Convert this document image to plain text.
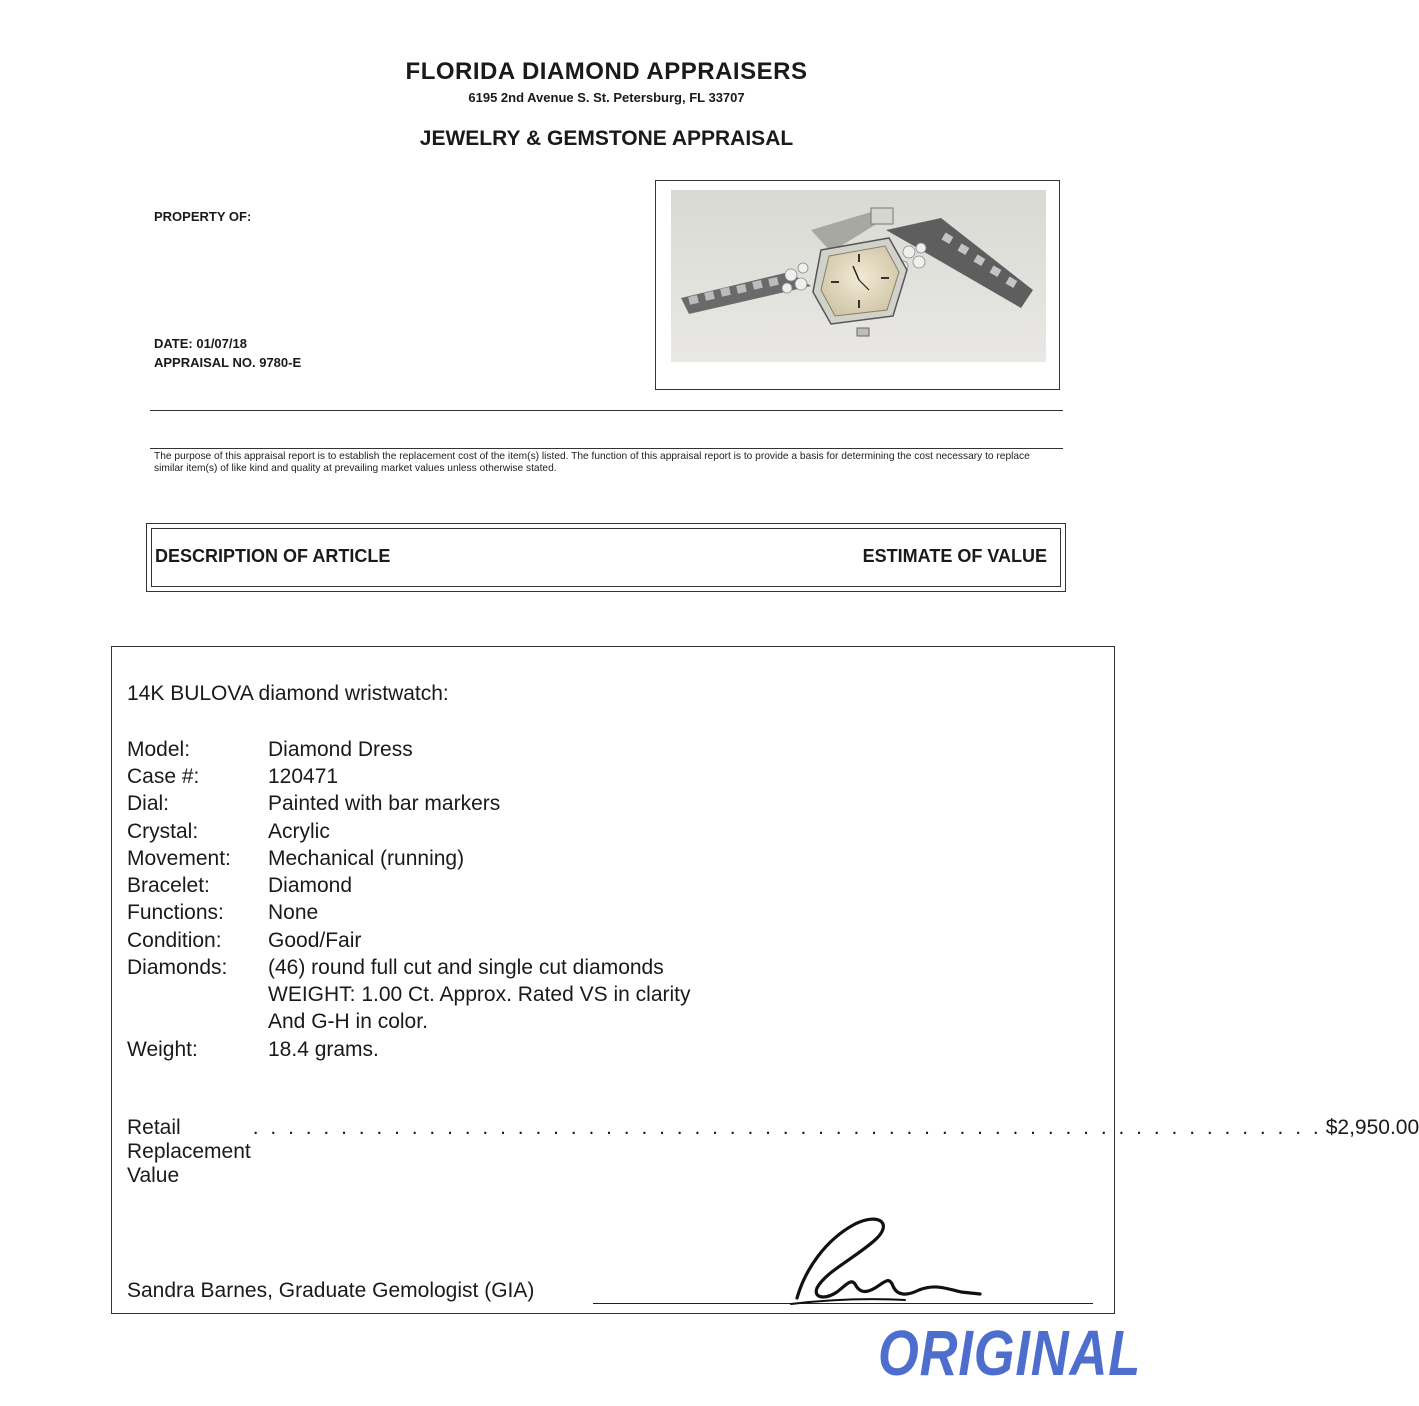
FLORIDA DIAMOND APPRAISERS
6195 2nd Avenue S. St. Petersburg, FL 33707
JEWELRY & GEMSTONE APPRAISAL
PROPERTY OF:
DATE: 01/07/18
APPRAISAL NO. 9780-E
The purpose of this appraisal report is to establish the replacement cost of the item(s) listed. The function of this appraisal report is to provide a basis for determining the cost necessary to replace similar item(s) of like kind and quality at prevailing market values unless otherwise stated.
DESCRIPTION OF ARTICLE	ESTIMATE OF VALUE
14K BULOVA diamond wristwatch:
Model:	Diamond Dress
Case #:	120471
Dial:	Painted with bar markers
Crystal:	Acrylic
Movement: Mechanical (running)
Bracelet:	Diamond
Functions: None
Condition: Good/Fair
Diamonds: (46) round full cut and single cut diamonds
WEIGHT: 1.00 Ct. Approx. Rated VS in clarity
And G-H in color.
Weight:	18.4 grams.
Retail Replacement Value
. . . . . . . . . . . . . . . . . . . . . . . . . . . . . . . . . . . . . . . . . . . . . . . . . . . . . . . . . . . . . $2,950.00
Sandra Barnes, Graduate Gemologist (GIA)
ORIGINAL
